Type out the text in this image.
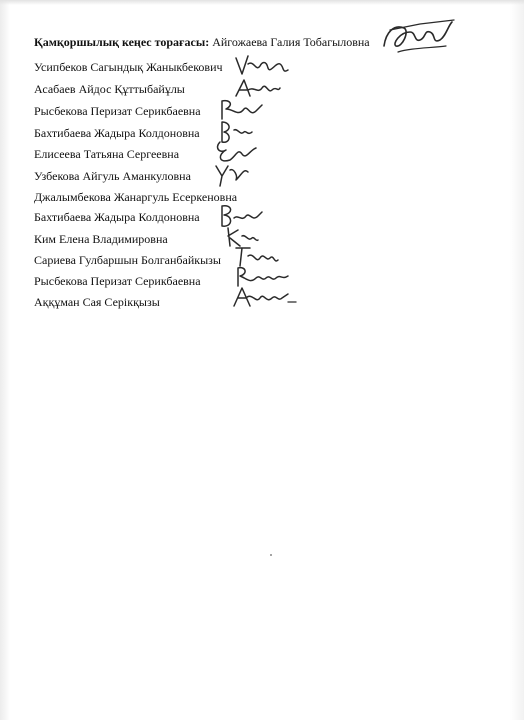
Қамқоршылық кеңес торағасы: Айгожаева Галия Тобагыловна
Усипбеков Сагындық Жаныкбекович
Асабаев Айдос Құттыбайұлы
Рысбекова Перизат Серикбаевна
Бахтибаева Жадыра Колдоновна
Елисеева Татьяна Сергеевна
Узбекова Айгуль Аманкуловна
Джалымбекова Жанаргуль Есеркеновна
Бахтибаева Жадыра Колдоновна
Ким Елена Владимировна
Сариева Гулбаршын Болганбайкызы
Рысбекова Перизат Серикбаевна
Аққұман Сая Серікқызы
